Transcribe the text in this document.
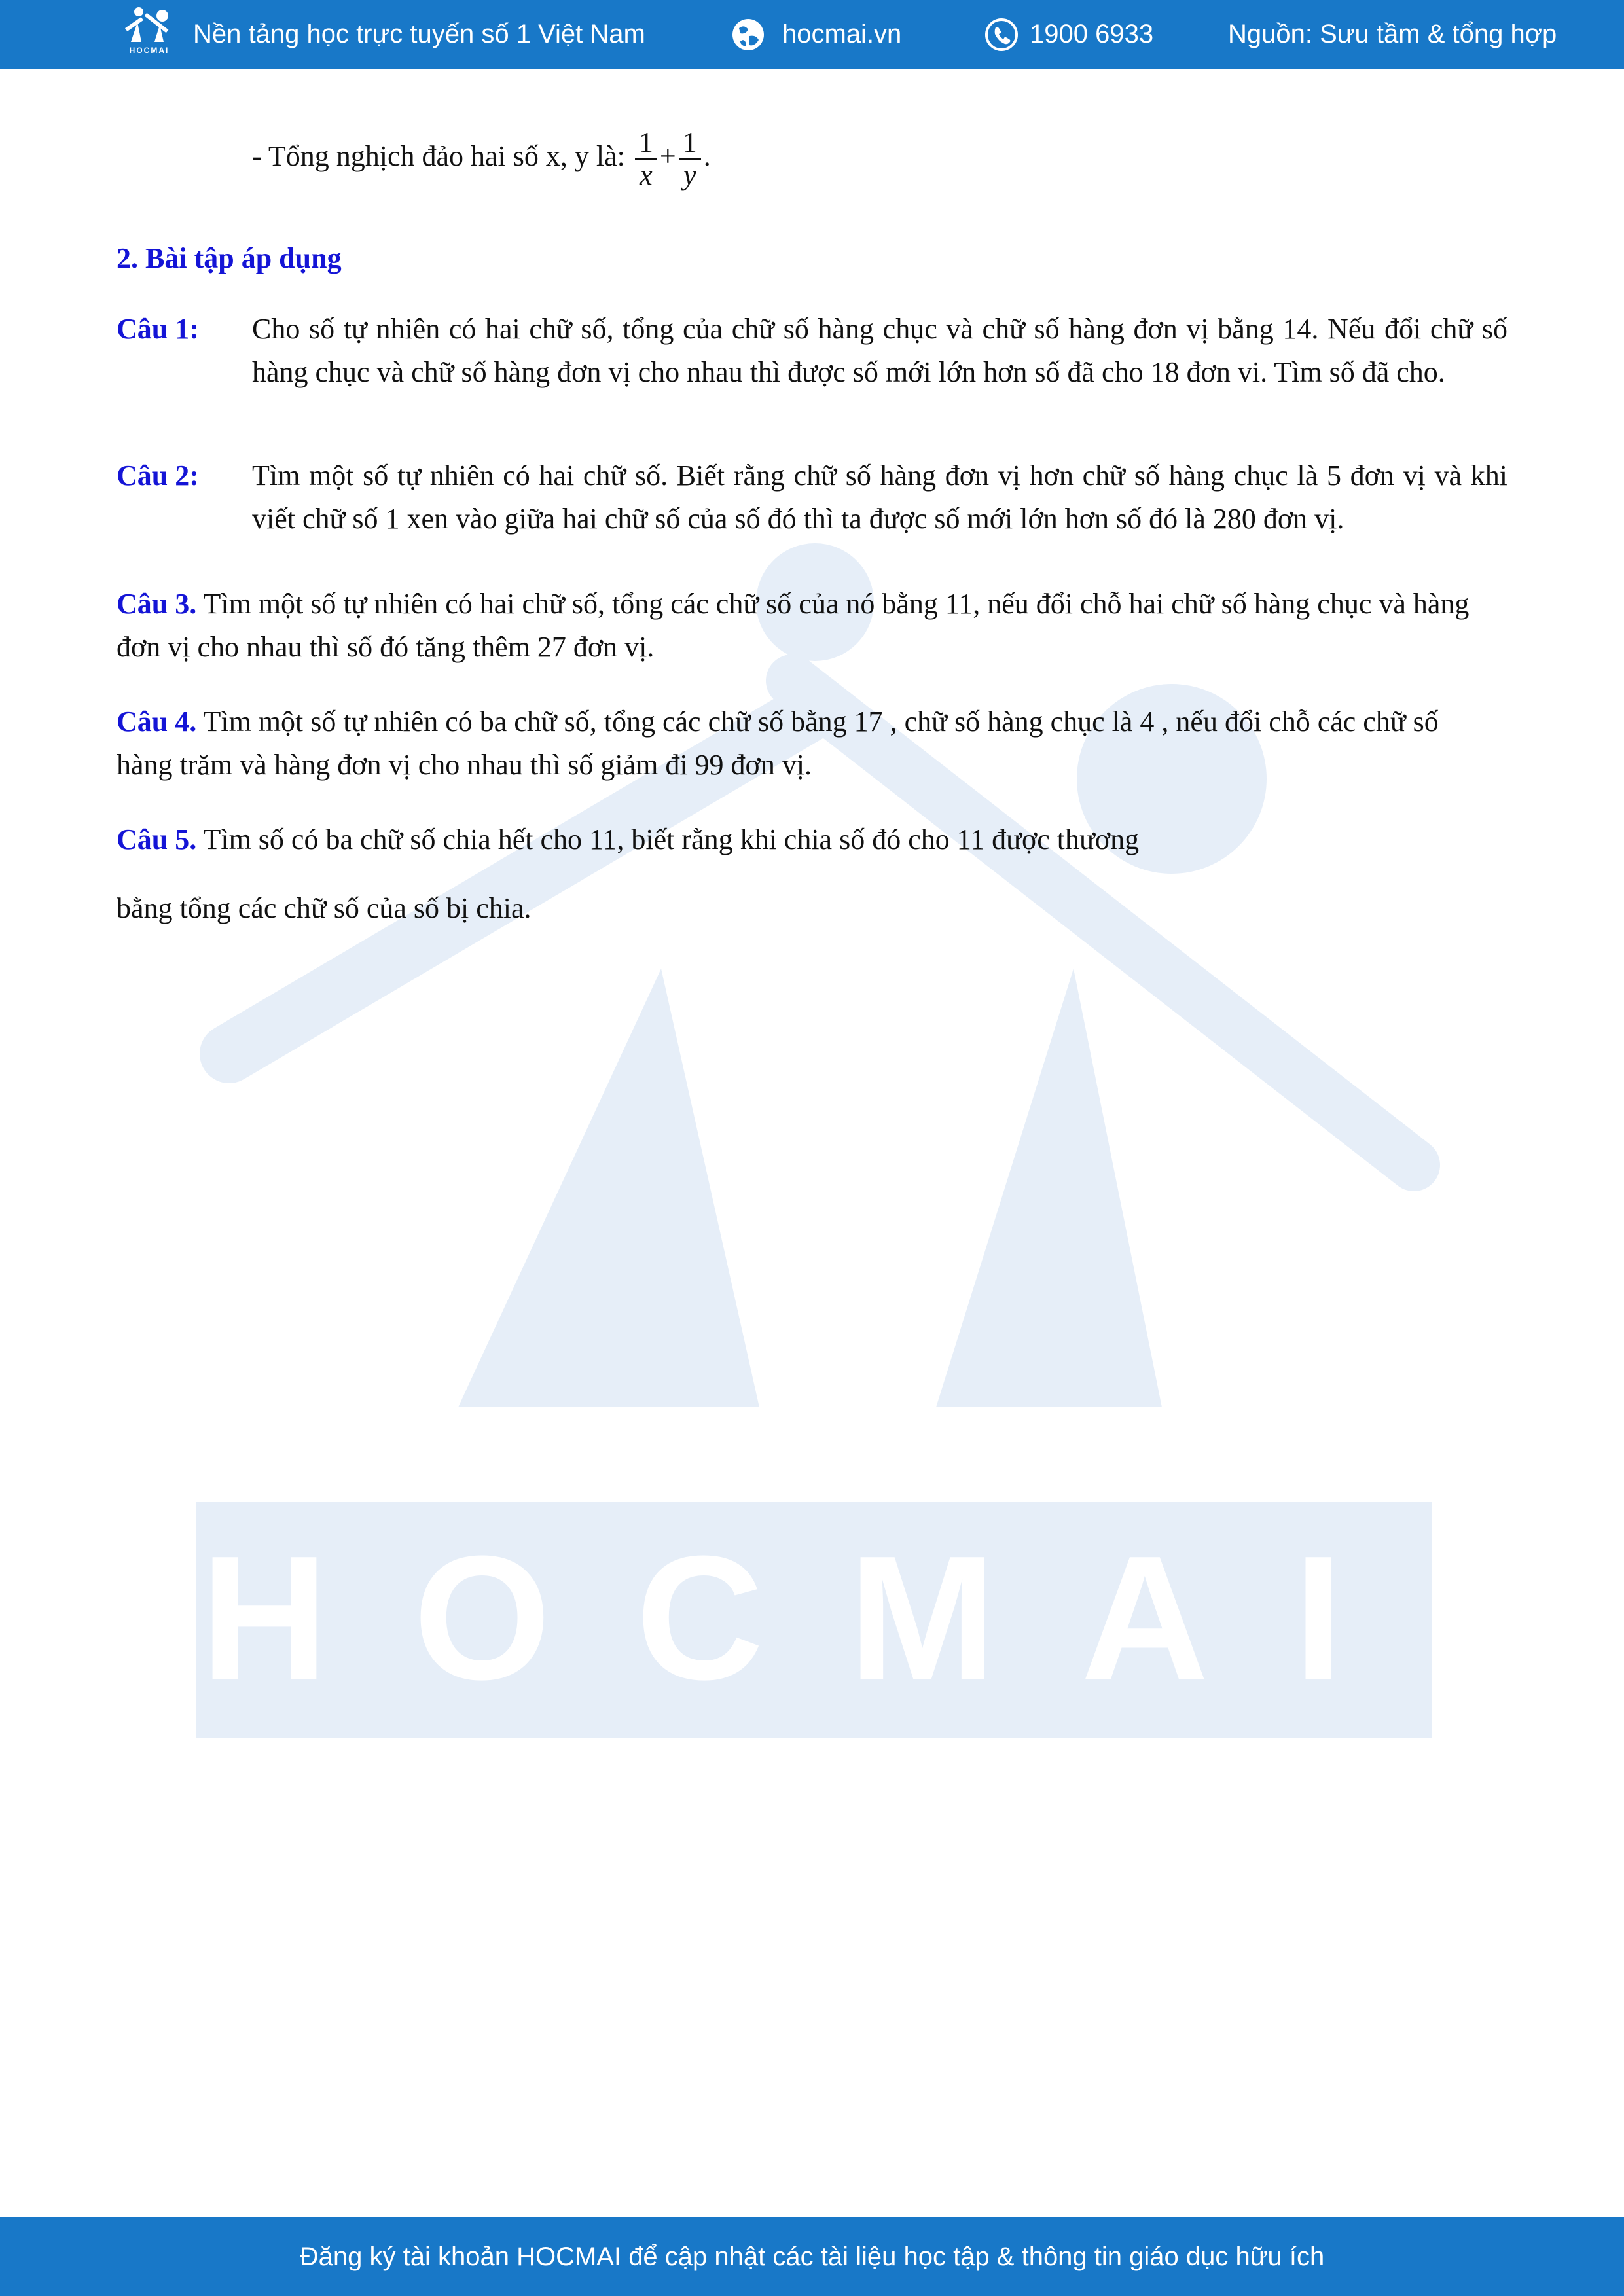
HOCMAI
HOCMAI
Nền tảng học trực tuyến số 1 Việt Nam	hocmai.vn	1900 6933	Nguồn: Sưu tầm & tổng hợp

- Tổng nghịch đảo hai số x, y là: $\frac{1}{x} + \frac{1}{y}$ .

2. Bài tập áp dụng

Câu 1: Cho số tự nhiên có hai chữ số, tổng của chữ số hàng chục và chữ số hàng đơn vị bằng 14. Nếu đổi chữ số hàng chục và chữ số hàng đơn vị cho nhau thì được số mới lớn hơn số đã cho 18 đơn vi. Tìm số đã cho.
Câu 2: Tìm một số tự nhiên có hai chữ số. Biết rằng chữ số hàng đơn vị hơn chữ số hàng chục là 5 đơn vị và khi viết chữ số 1 xen vào giữa hai chữ số của số đó thì ta được số mới lớn hơn số đó là 280 đơn vị.

Câu 3. Tìm một số tự nhiên có hai chữ số, tổng các chữ số của nó bằng 11, nếu đổi chỗ hai chữ số hàng chục và hàng đơn vị cho nhau thì số đó tăng thêm 27 đơn vị.

Câu 4. Tìm một số tự nhiên có ba chữ số, tổng các chữ số bằng 17 , chữ số hàng chục là 4 , nếu đổi chỗ các chữ số hàng trăm và hàng đơn vị cho nhau thì số giảm đi 99 đơn vị.

Câu 5. Tìm số có ba chữ số chia hết cho 11, biết rằng khi chia số đó cho 11 được thương

bằng tổng các chữ số của số bị chia.

Đăng ký tài khoản HOCMAI để cập nhật các tài liệu học tập & thông tin giáo dục hữu ích
